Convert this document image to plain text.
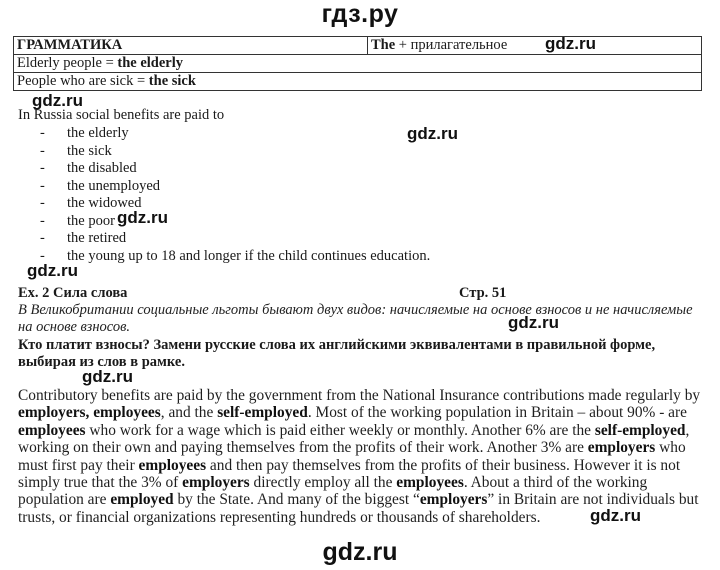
гдз.ру
gdz.ru
gdz.ru
gdz.ru
gdz.ru
gdz.ru
gdz.ru
gdz.ru
gdz.ru
gdz.ru
ГРАММАТИКА	The + прилагательное
Elderly people = the elderly
People who are sick = the sick
In Russia social benefits are paid to
- the elderly
- the sick
- the disabled
- the unemployed
- the widowed
- the poor
- the retired
- the young up to 18 and longer if the child continues education.
Ex. 2 Сила слова	Стр. 51
В Великобритании социальные льготы бывают двух видов: начисляемые на основе взносов и не начисляемые на основе взносов.
Кто платит взносы? Замени русские слова их английскими эквивалентами в правильной форме, выбирая из слов в рамке.
Contributory benefits are paid by the government from the National Insurance contributions made regularly by employers, employees, and the self-employed. Most of the working population in Britain – about 90% - are employees who work for a wage which is paid either weekly or monthly. Another 6% are the self-employed, working on their own and paying themselves from the profits of their work. Another 3% are employers who must first pay their employees and then pay themselves from the profits of their business. However it is not simply true that the 3% of employers directly employ all the employees. About a third of the working population are employed by the State. And many of the biggest “employers” in Britain are not individuals but trusts, or financial organizations representing hundreds or thousands of shareholders.
